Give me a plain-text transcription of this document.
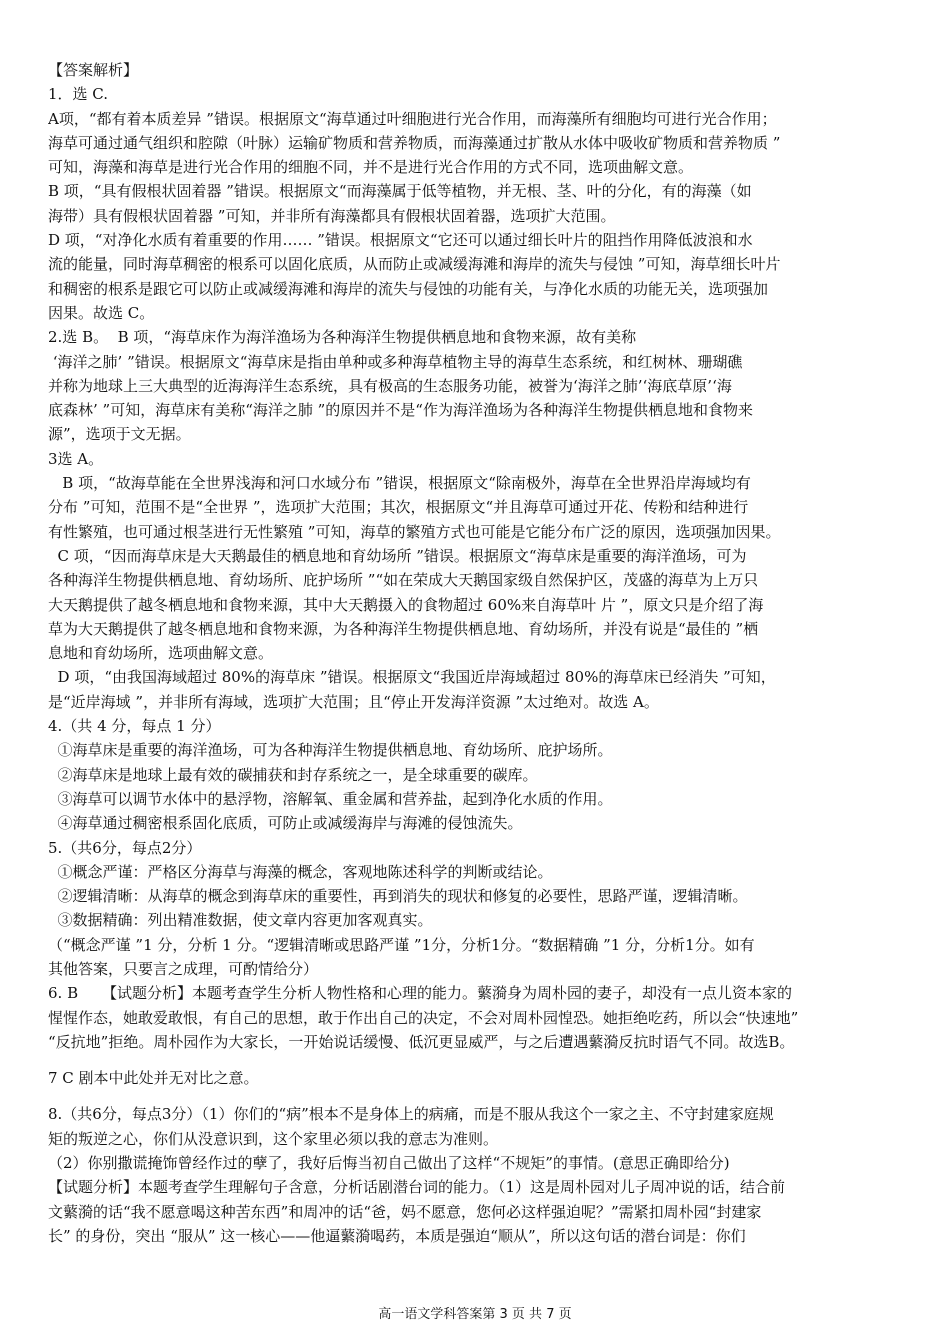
【答案解析】
1．选 C.
A项，“都有着本质差异 ”错误。根据原文“海草通过叶细胞进行光合作用，而海藻所有细胞均可进行光合作用；
海草可通过通气组织和腔隙（叶脉）运输矿物质和营养物质，而海藻通过扩散从水体中吸收矿物质和营养物质 ”
可知，海藻和海草是进行光合作用的细胞不同，并不是进行光合作用的方式不同，选项曲解文意。
B 项，“具有假根状固着器 ”错误。根据原文“而海藻属于低等植物，并无根、茎、叶的分化，有的海藻（如
海带）具有假根状固着器 ”可知，并非所有海藻都具有假根状固着器，选项扩大范围。
D 项，“对净化水质有着重要的作用…… ”错误。根据原文“它还可以通过细长叶片的阻挡作用降低波浪和水
流的能量，同时海草稠密的根系可以固化底质，从而防止或减缓海滩和海岸的流失与侵蚀 ”可知，海草细长叶片
和稠密的根系是跟它可以防止或减缓海滩和海岸的流失与侵蚀的功能有关，与净化水质的功能无关，选项强加
因果。故选 C。
2.选 B。  B 项，“海草床作为海洋渔场为各种海洋生物提供栖息地和食物来源，故有美称
‘海洋之肺’ ”错误。根据原文“海草床是指由单种或多种海草植物主导的海草生态系统，和红树林、珊瑚礁
并称为地球上三大典型的近海海洋生态系统，具有极高的生态服务功能，被誉为‘海洋之肺’‘海底草原’‘海
底森林’ ”可知，海草床有美称“海洋之肺 ”的原因并不是“作为海洋渔场为各种海洋生物提供栖息地和食物来
源”，选项于文无据。
3选 A。
B 项，“故海草能在全世界浅海和河口水域分布 ”错误，根据原文“除南极外，海草在全世界沿岸海域均有
分布 ”可知，范围不是“全世界 ”，选项扩大范围；其次，根据原文“并且海草可通过开花、传粉和结种进行
有性繁殖，也可通过根茎进行无性繁殖 ”可知，海草的繁殖方式也可能是它能分布广泛的原因，选项强加因果。
C 项，“因而海草床是大天鹅最佳的栖息地和育幼场所 ”错误。根据原文“海草床是重要的海洋渔场，可为
各种海洋生物提供栖息地、育幼场所、庇护场所 ”“如在荣成大天鹅国家级自然保护区，茂盛的海草为上万只
大天鹅提供了越冬栖息地和食物来源，其中大天鹅摄入的食物超过 60%来自海草叶 片 ”，原文只是介绍了海
草为大天鹅提供了越冬栖息地和食物来源，为各种海洋生物提供栖息地、育幼场所，并没有说是“最佳的 ”栖
息地和育幼场所，选项曲解文意。
D 项，“由我国海域超过 80%的海草床 ”错误。根据原文“我国近岸海域超过 80%的海草床已经消失 ”可知，
是“近岸海域 ”，并非所有海域，选项扩大范围；且“停止开发海洋资源 ”太过绝对。故选 A。
4.（共 4 分，每点 1 分）
①海草床是重要的海洋渔场，可为各种海洋生物提供栖息地、育幼场所、庇护场所。
②海草床是地球上最有效的碳捕获和封存系统之一，是全球重要的碳库。
③海草可以调节水体中的悬浮物，溶解氧、重金属和营养盐，起到净化水质的作用。
④海草通过稠密根系固化底质，可防止或减缓海岸与海滩的侵蚀流失。
5.（共6分，每点2分）
①概念严谨：严格区分海草与海藻的概念，客观地陈述科学的判断或结论。
②逻辑清晰：从海草的概念到海草床的重要性，再到消失的现状和修复的必要性，思路严谨，逻辑清晰。
③数据精确：列出精准数据，使文章内容更加客观真实。
（“概念严谨 ”1 分，分析 1 分。“逻辑清晰或思路严谨 ”1分，分析1分。“数据精确 ”1 分，分析1分。如有
其他答案，只要言之成理，可酌情给分）
6. B     【试题分析】本题考查学生分析人物性格和心理的能力。蘩漪身为周朴园的妻子，却没有一点儿资本家的
惺惺作态，她敢爱敢恨，有自己的思想，敢于作出自己的决定，不会对周朴园惶恐。她拒绝吃药，所以会“快速地”
“反抗地”拒绝。周朴园作为大家长，一开始说话缓慢、低沉更显威严，与之后遭遇蘩漪反抗时语气不同。故选B。
7 C 剧本中此处并无对比之意。
8.（共6分，每点3分）（1）你们的“病”根本不是身体上的病痛，而是不服从我这个一家之主、不守封建家庭规
矩的叛逆之心，你们从没意识到，这个家里必须以我的意志为准则。
（2）你别撒谎掩饰曾经作过的孽了，我好后悔当初自己做出了这样“不规矩”的事情。(意思正确即给分)
【试题分析】本题考查学生理解句子含意，分析话剧潜台词的能力。（1）这是周朴园对儿子周冲说的话，结合前
文蘩漪的话“我不愿意喝这种苦东西”和周冲的话“爸，妈不愿意，您何必这样强迫呢？”需紧扣周朴园“封建家
长” 的身份，突出 “服从” 这一核心——他逼蘩漪喝药，本质是强迫“顺从”，所以这句话的潜台词是：你们
高一语文学科答案第 3 页 共 7 页
